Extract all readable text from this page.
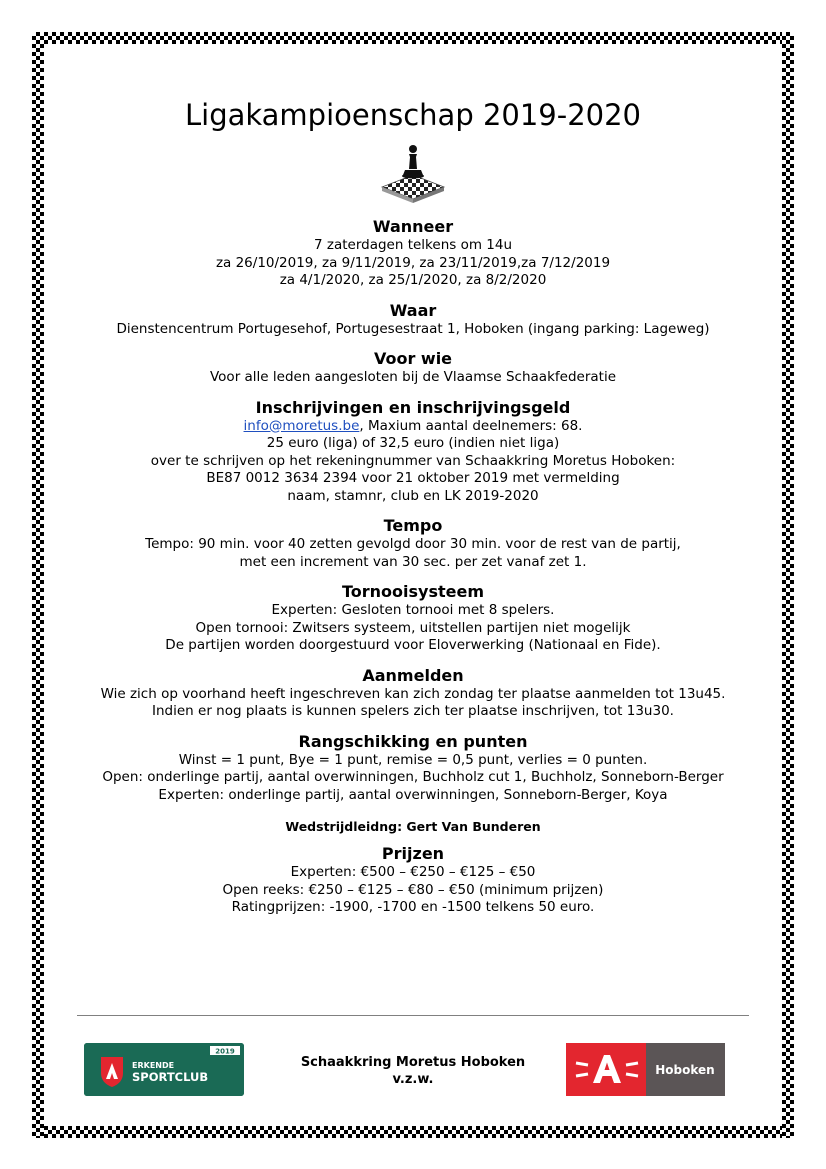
Ligakampioenschap 2019-2020
Wanneer

7 zaterdagen telkens om 14u

za 26/10/2019, za 9/11/2019, za 23/11/2019,za 7/12/2019

za 4/1/2020, za 25/1/2020, za 8/2/2020

Waar

Dienstencentrum Portugesehof, Portugesestraat 1, Hoboken (ingang parking: Lageweg)

Voor wie

Voor alle leden aangesloten bij de Vlaamse Schaakfederatie

Inschrijvingen en inschrijvingsgeld

info@moretus.be, Maxium aantal deelnemers: 68.

25 euro (liga) of 32,5 euro (indien niet liga)

over te schrijven op het rekeningnummer van Schaakkring Moretus Hoboken:

BE87 0012 3634 2394 voor 21 oktober 2019 met vermelding

naam, stamnr, club en LK 2019-2020

Tempo

Tempo: 90 min. voor 40 zetten gevolgd door 30 min. voor de rest van de partij,

met een increment van 30 sec. per zet vanaf zet 1.

Tornooisysteem

Experten: Gesloten tornooi met 8 spelers.

Open tornooi: Zwitsers systeem, uitstellen partijen niet mogelijk

De partijen worden doorgestuurd voor Eloverwerking (Nationaal en Fide).

Aanmelden

Wie zich op voorhand heeft ingeschreven kan zich zondag ter plaatse aanmelden tot 13u45.

Indien er nog plaats is kunnen spelers zich ter plaatse inschrijven, tot 13u30.

Rangschikking en punten

Winst = 1 punt, Bye = 1 punt, remise = 0,5 punt, verlies = 0 punten.

Open: onderlinge partij, aantal overwinningen, Buchholz cut 1, Buchholz, Sonneborn-Berger

Experten: onderlinge partij, aantal overwinningen, Sonneborn-Berger, Koya

Wedstrijdleidng: Gert Van Bunderen

Prijzen

Experten: €500 – €250 – €125 – €50

Open reeks: €250 – €125 – €80 – €50 (minimum prijzen)

Ratingprijzen: -1900, -1700 en -1500 telkens 50 euro.

2019
ERKENDE
SPORTCLUB
Schaakkring Moretus Hoboken
v.z.w.
Hoboken
